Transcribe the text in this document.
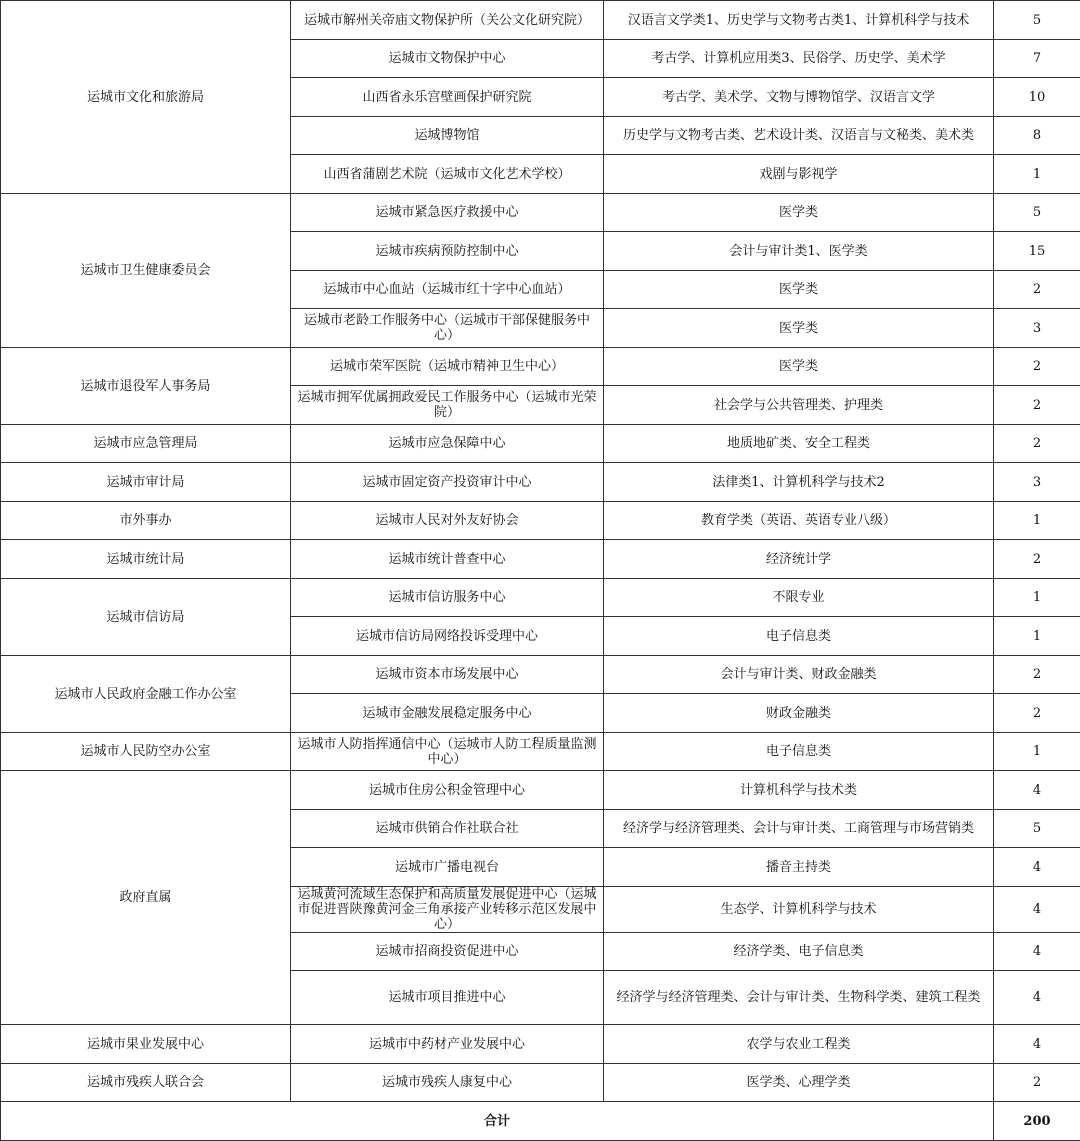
运城市文化和旅游局	运城市解州关帝庙文物保护所（关公文化研究院）	汉语言文学类1、历史学与文物考古类1、计算机科学与技术	5
	运城市文物保护中心	考古学、计算机应用类3、民俗学、历史学、美术学	7
	山西省永乐宫壁画保护研究院	考古学、美术学、文物与博物馆学、汉语言文学	10
	运城博物馆	历史学与文物考古类、艺术设计类、汉语言与文秘类、美术类	8
	山西省蒲剧艺术院（运城市文化艺术学校）	戏剧与影视学	1
运城市卫生健康委员会	运城市紧急医疗救援中心	医学类	5
	运城市疾病预防控制中心	会计与审计类1、医学类	15
	运城市中心血站（运城市红十字中心血站）	医学类	2
	运城市老龄工作服务中心（运城市干部保健服务中心）	医学类	3
运城市退役军人事务局	运城市荣军医院（运城市精神卫生中心）	医学类	2
	运城市拥军优属拥政爱民工作服务中心（运城市光荣院）	社会学与公共管理类、护理类	2
运城市应急管理局	运城市应急保障中心	地质地矿类、安全工程类	2
运城市审计局	运城市固定资产投资审计中心	法律类1、计算机科学与技术2	3
市外事办	运城市人民对外友好协会	教育学类（英语、英语专业八级）	1
运城市统计局	运城市统计普查中心	经济统计学	2
运城市信访局	运城市信访服务中心	不限专业	1
	运城市信访局网络投诉受理中心	电子信息类	1
运城市人民政府金融工作办公室	运城市资本市场发展中心	会计与审计类、财政金融类	2
	运城市金融发展稳定服务中心	财政金融类	2
运城市人民防空办公室	运城市人防指挥通信中心（运城市人防工程质量监测中心）	电子信息类	1
政府直属	运城市住房公积金管理中心	计算机科学与技术类	4
	运城市供销合作社联合社	经济学与经济管理类、会计与审计类、工商管理与市场营销类	5
	运城市广播电视台	播音主持类	4
	运城黄河流域生态保护和高质量发展促进中心（运城市促进晋陕豫黄河金三角承接产业转移示范区发展中心）	生态学、计算机科学与技术	4
	运城市招商投资促进中心	经济学类、电子信息类	4
	运城市项目推进中心	经济学与经济管理类、会计与审计类、生物科学类、建筑工程类	4
运城市果业发展中心	运城市中药材产业发展中心	农学与农业工程类	4
运城市残疾人联合会	运城市残疾人康复中心	医学类、心理学类	2
合计			200
